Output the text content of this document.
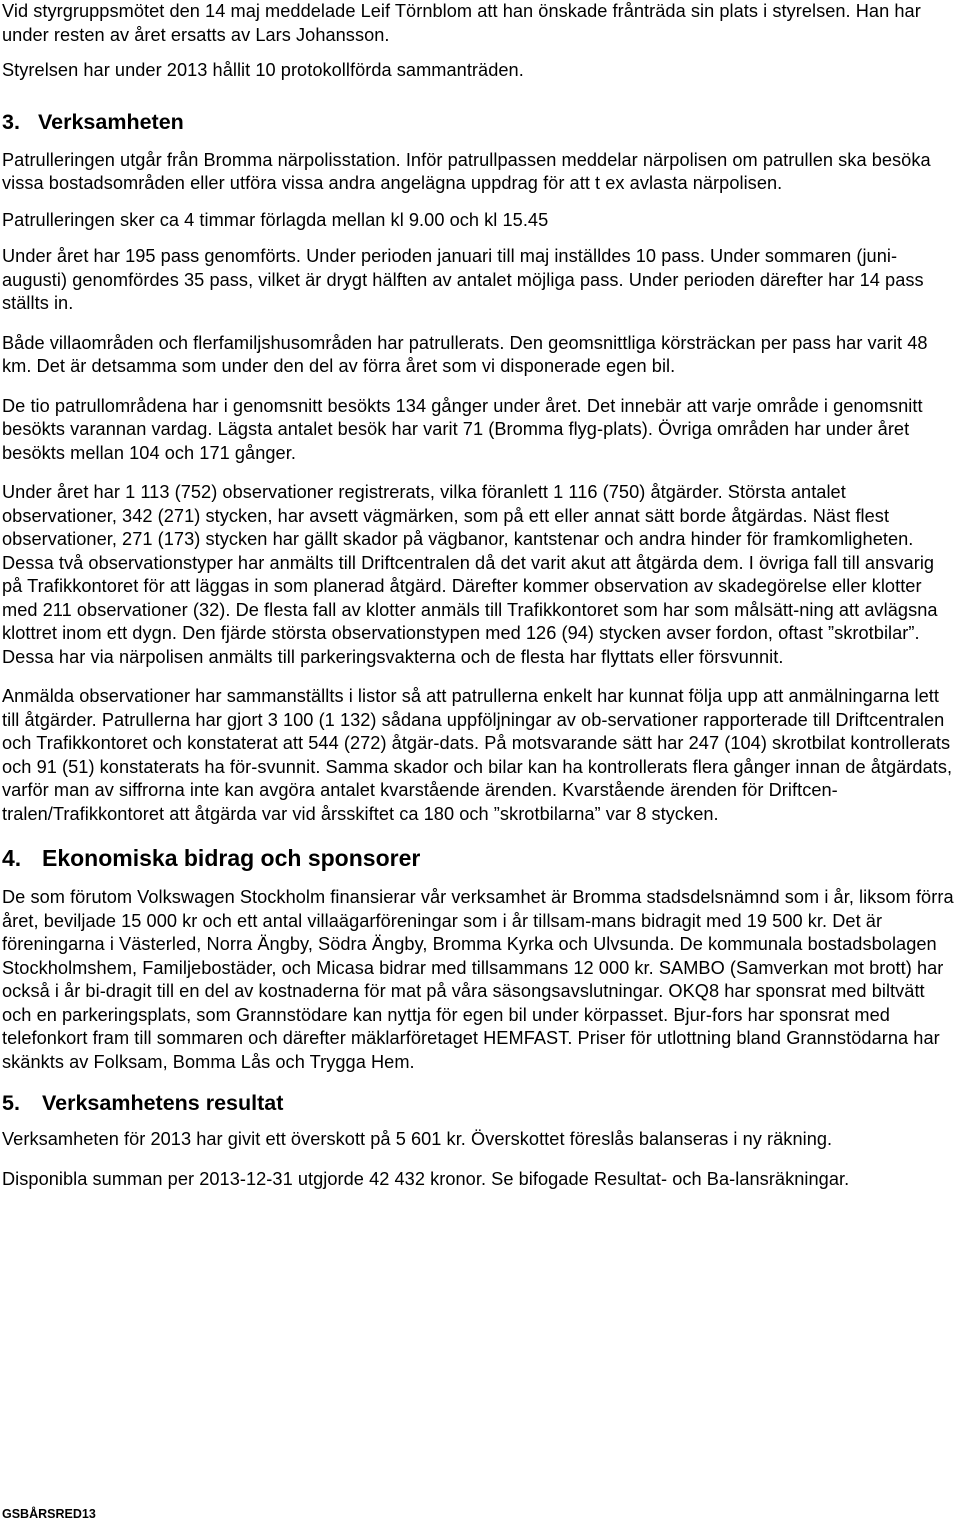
Vid styrgruppsmötet den 14 maj meddelade Leif Törnblom att han önskade frånträda sin plats i styrelsen. Han har under resten av året ersatts av Lars Johansson.

Styrelsen har under 2013 hållit 10 protokollförda sammanträden.

3. Verksamheten

Patrulleringen utgår från Bromma närpolisstation. Inför patrullpassen meddelar närpolisen om patrullen ska besöka vissa bostadsområden eller utföra vissa andra angelägna uppdrag för att t ex avlasta närpolisen.

Patrulleringen sker ca 4 timmar förlagda mellan kl 9.00 och kl 15.45

Under året har 195 pass genomförts. Under perioden januari till maj inställdes 10 pass. Under sommaren (juni-augusti) genomfördes 35 pass, vilket är drygt hälften av antalet möjliga pass. Under perioden därefter har 14 pass ställts in.

Både villaområden och flerfamiljshusområden har patrullerats. Den geomsnittliga körsträckan per pass har varit 48 km. Det är detsamma som under den del av förra året som vi disponerade egen bil.

De tio patrullområdena har i genomsnitt besökts 134 gånger under året. Det innebär att varje område i genomsnitt besökts varannan vardag. Lägsta antalet besök har varit 71 (Bromma flyg-plats). Övriga områden har under året besökts mellan 104 och 171 gånger.

Under året har 1 113 (752) observationer registrerats, vilka föranlett 1 116 (750) åtgärder. Största antalet observationer, 342 (271) stycken, har avsett vägmärken, som på ett eller annat sätt borde åtgärdas. Näst flest observationer, 271 (173) stycken har gällt skador på vägbanor, kantstenar och andra hinder för framkomligheten. Dessa två observationstyper har anmälts till Driftcentralen då det varit akut att åtgärda dem. I övriga fall till ansvarig på Trafikkontoret för att läggas in som planerad åtgärd. Därefter kommer observation av skadegörelse eller klotter med 211 observationer (32). De flesta fall av klotter anmäls till Trafikkontoret som har som målsätt-ning att avlägsna klottret inom ett dygn. Den fjärde största observationstypen med 126 (94) stycken avser fordon, oftast ”skrotbilar”. Dessa har via närpolisen anmälts till parkeringsvakterna och de flesta har flyttats eller försvunnit.

Anmälda observationer har sammanställts i listor så att patrullerna enkelt har kunnat följa upp att anmälningarna lett till åtgärder. Patrullerna har gjort 3 100 (1 132) sådana uppföljningar av ob-servationer rapporterade till Driftcentralen och Trafikkontoret och konstaterat att 544 (272) åtgär-dats. På motsvarande sätt har 247 (104) skrotbilat kontrollerats och 91 (51) konstaterats ha för-svunnit. Samma skador och bilar kan ha kontrollerats flera gånger innan de åtgärdats, varför man av siffrorna inte kan avgöra antalet kvarstående ärenden. Kvarstående ärenden för Driftcen-tralen/Trafikkontoret att åtgärda var vid årsskiftet ca 180 och ”skrotbilarna” var 8 stycken.

4. Ekonomiska bidrag och sponsorer

De som förutom Volkswagen Stockholm finansierar vår verksamhet är Bromma stadsdelsnämnd som i år, liksom förra året, beviljade 15 000 kr och ett antal villaägarföreningar som i år tillsam-mans bidragit med 19 500 kr. Det är föreningarna i Västerled, Norra Ängby, Södra Ängby, Bromma Kyrka och Ulvsunda. De kommunala bostadsbolagen Stockholmshem, Familjebostäder, och Micasa bidrar med tillsammans 12 000 kr. SAMBO (Samverkan mot brott) har också i år bi-dragit till en del av kostnaderna för mat på våra säsongsavslutningar. OKQ8 har sponsrat med biltvätt och en parkeringsplats, som Grannstödare kan nyttja för egen bil under körpasset. Bjur-fors har sponsrat med telefonkort fram till sommaren och därefter mäklarföretaget HEMFAST. Priser för utlottning bland Grannstödarna har skänkts av Folksam, Bomma Lås och Trygga Hem.

5. Verksamhetens resultat

Verksamheten för 2013 har givit ett överskott på 5 601 kr. Överskottet föreslås balanseras i ny räkning.

Disponibla summan per 2013-12-31 utgjorde 42 432 kronor. Se bifogade Resultat- och Ba-lansräkningar.

GSBÅRSRED13
